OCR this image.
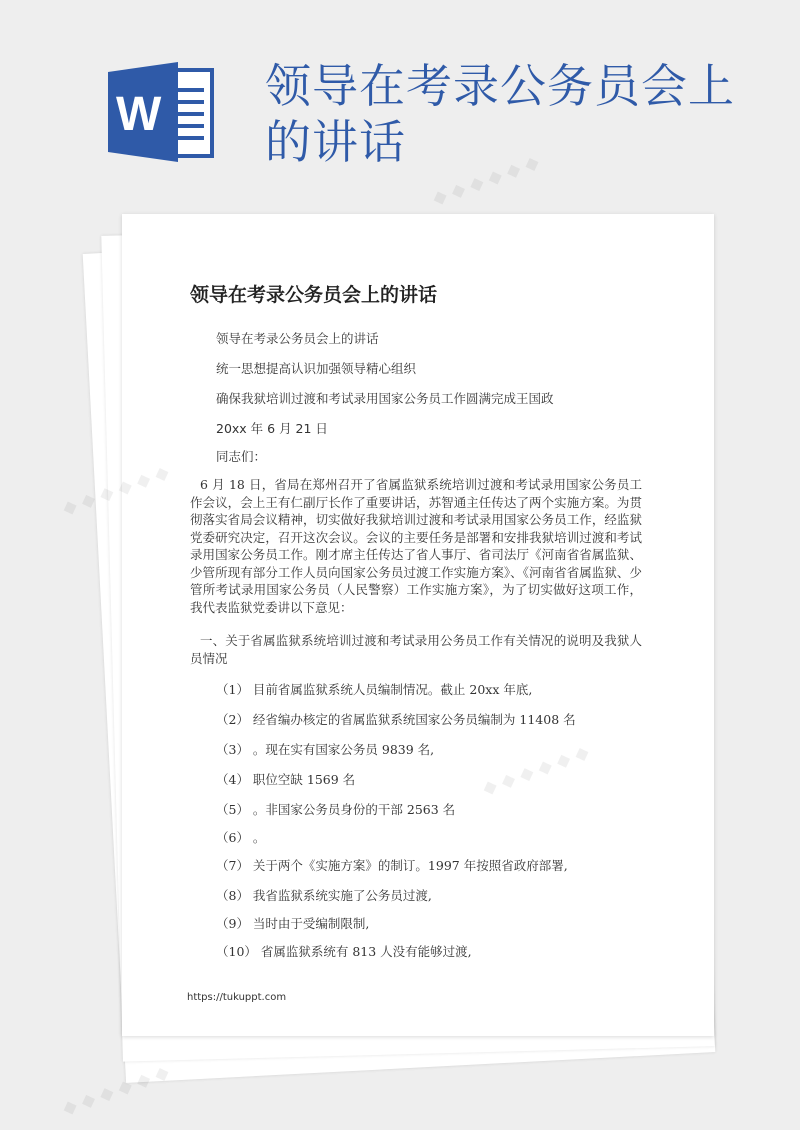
W
领导在考录公务员会上
的讲话
领导在考录公务员会上的讲话
领导在考录公务员会上的讲话
统一思想提高认识加强领导精心组织
确保我狱培训过渡和考试录用国家公务员工作圆满完成王国政
20xx 年 6 月 21 日
同志们：
6 月 18 日，省局在郑州召开了省属监狱系统培训过渡和考试录用国家公务员工作会议，会上王有仁副厅长作了重要讲话，苏智通主任传达了两个实施方案。为贯彻落实省局会议精神，切实做好我狱培训过渡和考试录用国家公务员工作，经监狱党委研究决定，召开这次会议。会议的主要任务是部署和安排我狱培训过渡和考试录用国家公务员工作。刚才席主任传达了省人事厅、省司法厅《河南省省属监狱、少管所现有部分工作人员向国家公务员过渡工作实施方案》、《河南省省属监狱、少管所考试录用国家公务员（人民警察）工作实施方案》，为了切实做好这项工作，我代表监狱党委讲以下意见：
一、关于省属监狱系统培训过渡和考试录用公务员工作有关情况的说明及我狱人员情况
（1） 目前省属监狱系统人员编制情况。截止 20xx 年底,
（2） 经省编办核定的省属监狱系统国家公务员编制为 11408 名
（3） 。现在实有国家公务员 9839 名,
（4） 职位空缺 1569 名
（5） 。非国家公务员身份的干部 2563 名
（6） 。
（7） 关于两个《实施方案》的制订。1997 年按照省政府部署,
（8） 我省监狱系统实施了公务员过渡,
（9） 当时由于受编制限制,
（10） 省属监狱系统有 813 人没有能够过渡,
https://tukuppt.com
◆ ◆ ◆ ◆ ◆ ◆
◆ ◆
◆ ◆ ◆ ◆ ◆ ◆
